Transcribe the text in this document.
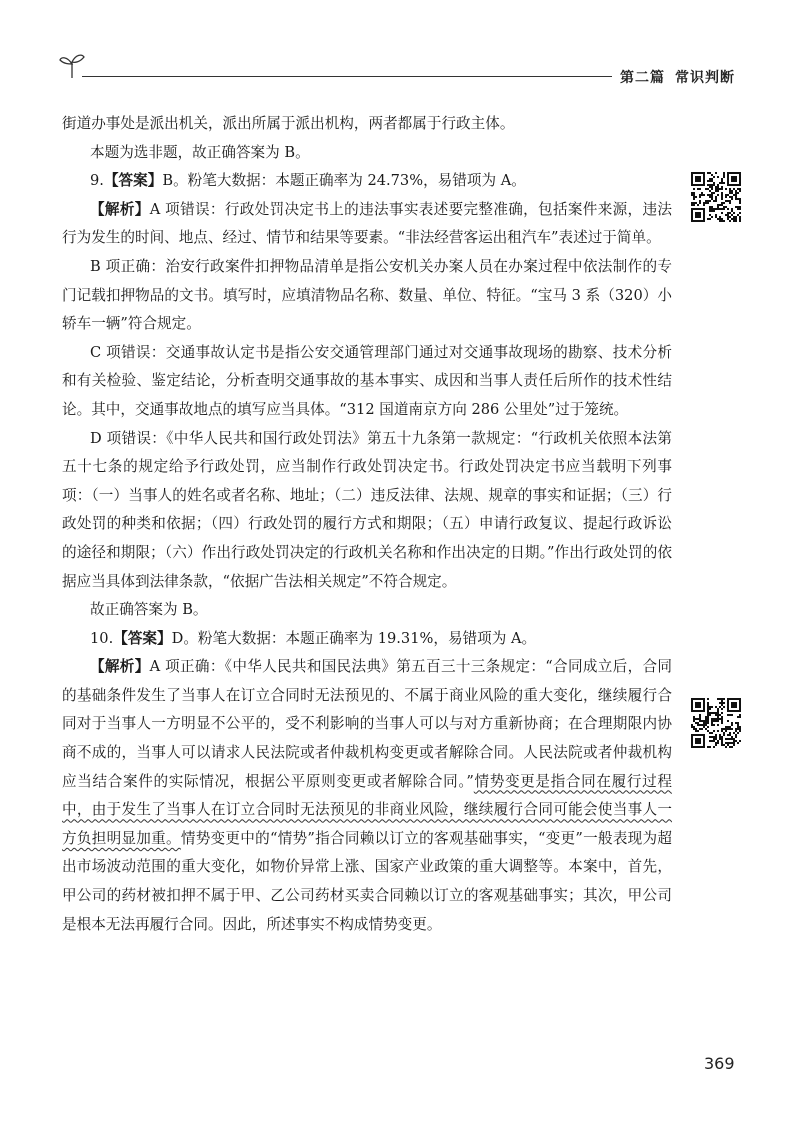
第二篇 常识判断

街道办事处是派出机关，派出所属于派出机构，两者都属于行政主体。

本题为选非题，故正确答案为 B。

9.【答案】B。粉笔大数据：本题正确率为 24.73%，易错项为 A。

【解析】A 项错误：行政处罚决定书上的违法事实表述要完整准确，包括案件来源，违法行为发生的时间、地点、经过、情节和结果等要素。“非法经营客运出租汽车”表述过于简单。

B 项正确：治安行政案件扣押物品清单是指公安机关办案人员在办案过程中依法制作的专门记载扣押物品的文书。填写时，应填清物品名称、数量、单位、特征。“宝马 3 系（320）小轿车一辆”符合规定。

C 项错误：交通事故认定书是指公安交通管理部门通过对交通事故现场的勘察、技术分析和有关检验、鉴定结论，分析查明交通事故的基本事实、成因和当事人责任后所作的技术性结论。其中，交通事故地点的填写应当具体。“312 国道南京方向 286 公里处”过于笼统。

D 项错误：《中华人民共和国行政处罚法》第五十九条第一款规定：“行政机关依照本法第五十七条的规定给予行政处罚，应当制作行政处罚决定书。行政处罚决定书应当载明下列事项：（一）当事人的姓名或者名称、地址；（二）违反法律、法规、规章的事实和证据；（三）行政处罚的种类和依据；（四）行政处罚的履行方式和期限；（五）申请行政复议、提起行政诉讼的途径和期限；（六）作出行政处罚决定的行政机关名称和作出决定的日期。”作出行政处罚的依据应当具体到法律条款，“依据广告法相关规定”不符合规定。

故正确答案为 B。

10.【答案】D。粉笔大数据：本题正确率为 19.31%，易错项为 A。

【解析】A 项正确：《中华人民共和国民法典》第五百三十三条规定：“合同成立后，合同的基础条件发生了当事人在订立合同时无法预见的、不属于商业风险的重大变化，继续履行合同对于当事人一方明显不公平的，受不利影响的当事人可以与对方重新协商；在合理期限内协商不成的，当事人可以请求人民法院或者仲裁机构变更或者解除合同。人民法院或者仲裁机构应当结合案件的实际情况，根据公平原则变更或者解除合同。”情势变更是指合同在履行过程中，由于发生了当事人在订立合同时无法预见的非商业风险，继续履行合同可能会使当事人一方负担明显加重。情势变更中的“情势”指合同赖以订立的客观基础事实，“变更”一般表现为超出市场波动范围的重大变化，如物价异常上涨、国家产业政策的重大调整等。本案中，首先，甲公司的药材被扣押不属于甲、乙公司药材买卖合同赖以订立的客观基础事实；其次，甲公司是根本无法再履行合同。因此，所述事实不构成情势变更。

369
